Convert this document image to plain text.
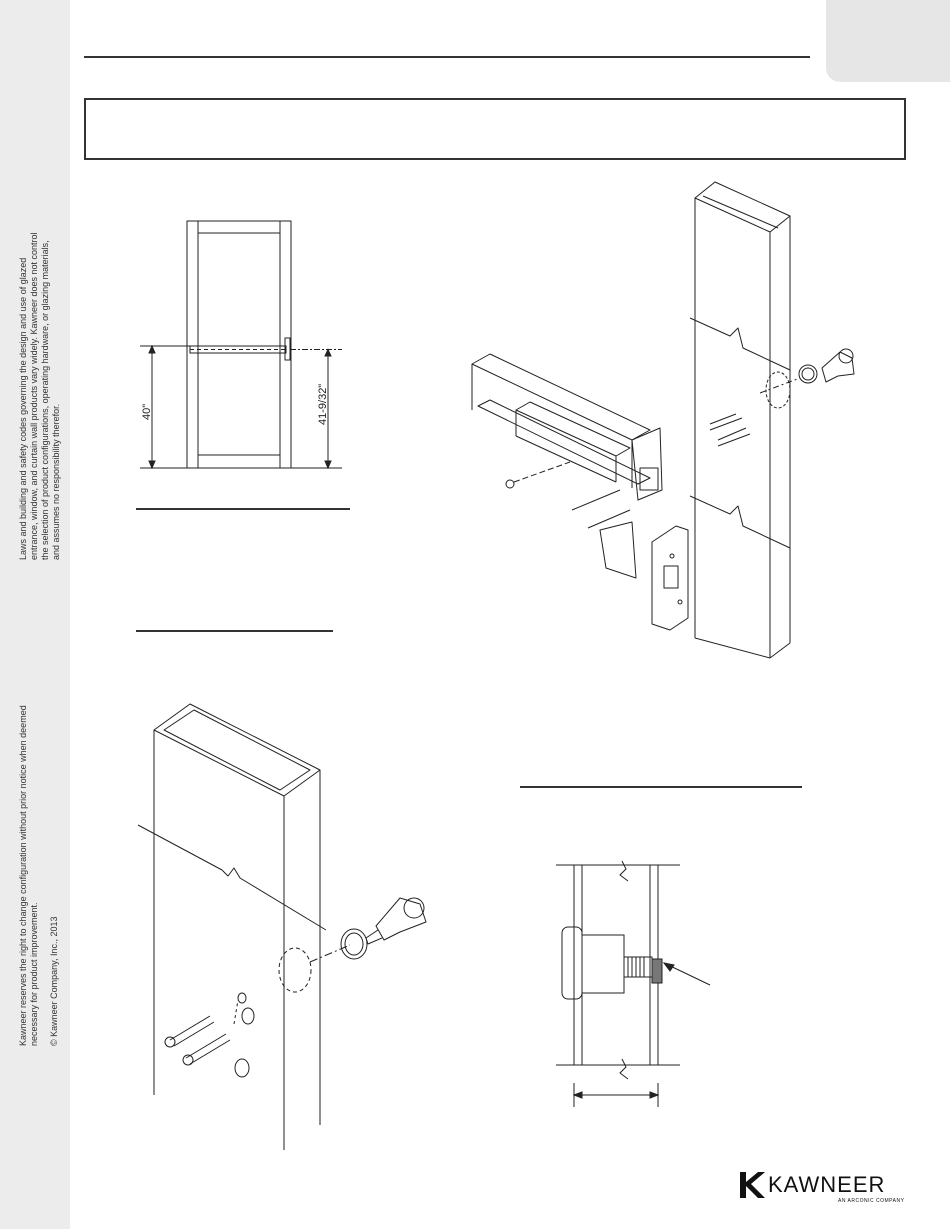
Laws and building and safety codes governing the design and use of glazed entrance, window, and curtain wall products vary widely. Kawneer does not control the selection of product configurations, operating hardware, or glazing materials, and assumes no responsibility therefor.

Kawneer reserves the right to change configuration without prior notice when deemed necessary for product improvement. © Kawneer Company, Inc., 2013

40"	41-9/32"
KAWNEER
AN ARCONIC COMPANY
